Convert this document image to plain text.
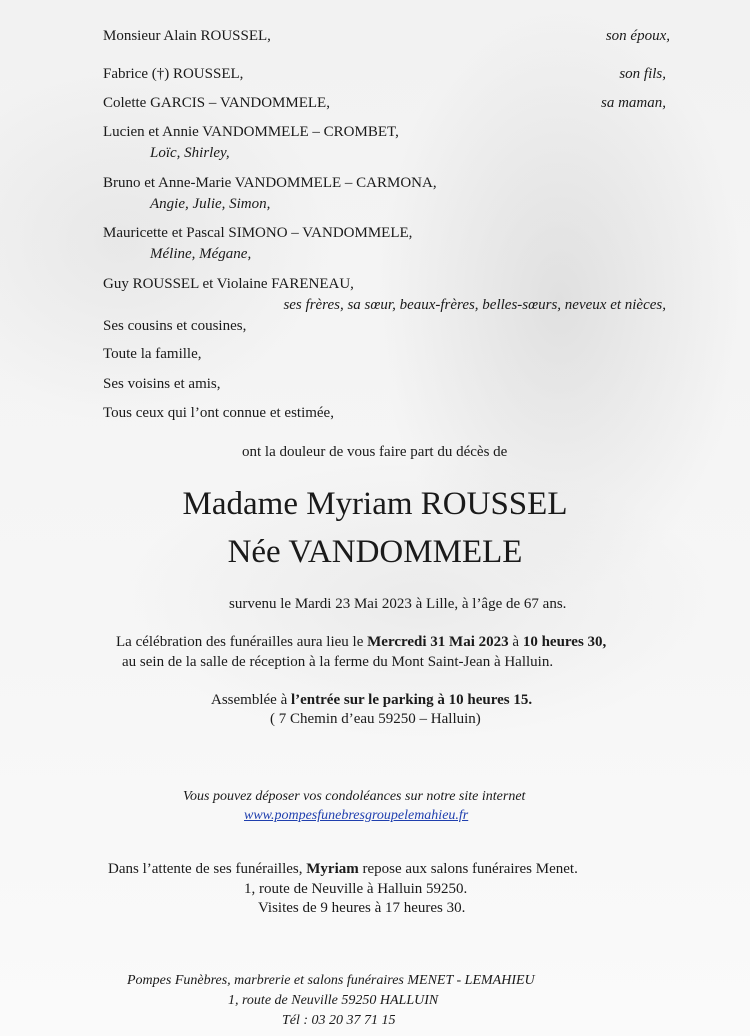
Monsieur Alain ROUSSEL,	son époux,
Fabrice (†) ROUSSEL,	son fils,
Colette GARCIS – VANDOMMELE,	sa maman,
Lucien et Annie VANDOMMELE – CROMBET,
Loïc, Shirley,
Bruno et Anne-Marie VANDOMMELE – CARMONA,
Angie, Julie, Simon,
Mauricette et Pascal SIMONO – VANDOMMELE,
Méline, Mégane,
Guy ROUSSEL et Violaine FARENEAU,
ses frères, sa sœur, beaux-frères, belles-sœurs, neveux et nièces,
Ses cousins et cousines,
Toute la famille,
Ses voisins et amis,
Tous ceux qui l’ont connue et estimée,
ont la douleur de vous faire part du décès de
Madame Myriam ROUSSEL
Née VANDOMMELE
survenu le Mardi 23 Mai 2023 à Lille, à l’âge de 67 ans.
La célébration des funérailles aura lieu le Mercredi 31 Mai 2023 à 10 heures 30,
au sein de la salle de réception à la ferme du Mont Saint-Jean à Halluin.
Assemblée à l’entrée sur le parking à 10 heures 15.
( 7 Chemin d’eau 59250 – Halluin)
Vous pouvez déposer vos condoléances sur notre site internet
www.pompesfunebresgroupelemahieu.fr
Dans l’attente de ses funérailles, Myriam repose aux salons funéraires Menet.
1, route de Neuville à Halluin 59250.
Visites de 9 heures à 17 heures 30.
Pompes Funèbres, marbrerie et salons funéraires MENET - LEMAHIEU
1, route de Neuville 59250 HALLUIN
Tél : 03 20 37 71 15
